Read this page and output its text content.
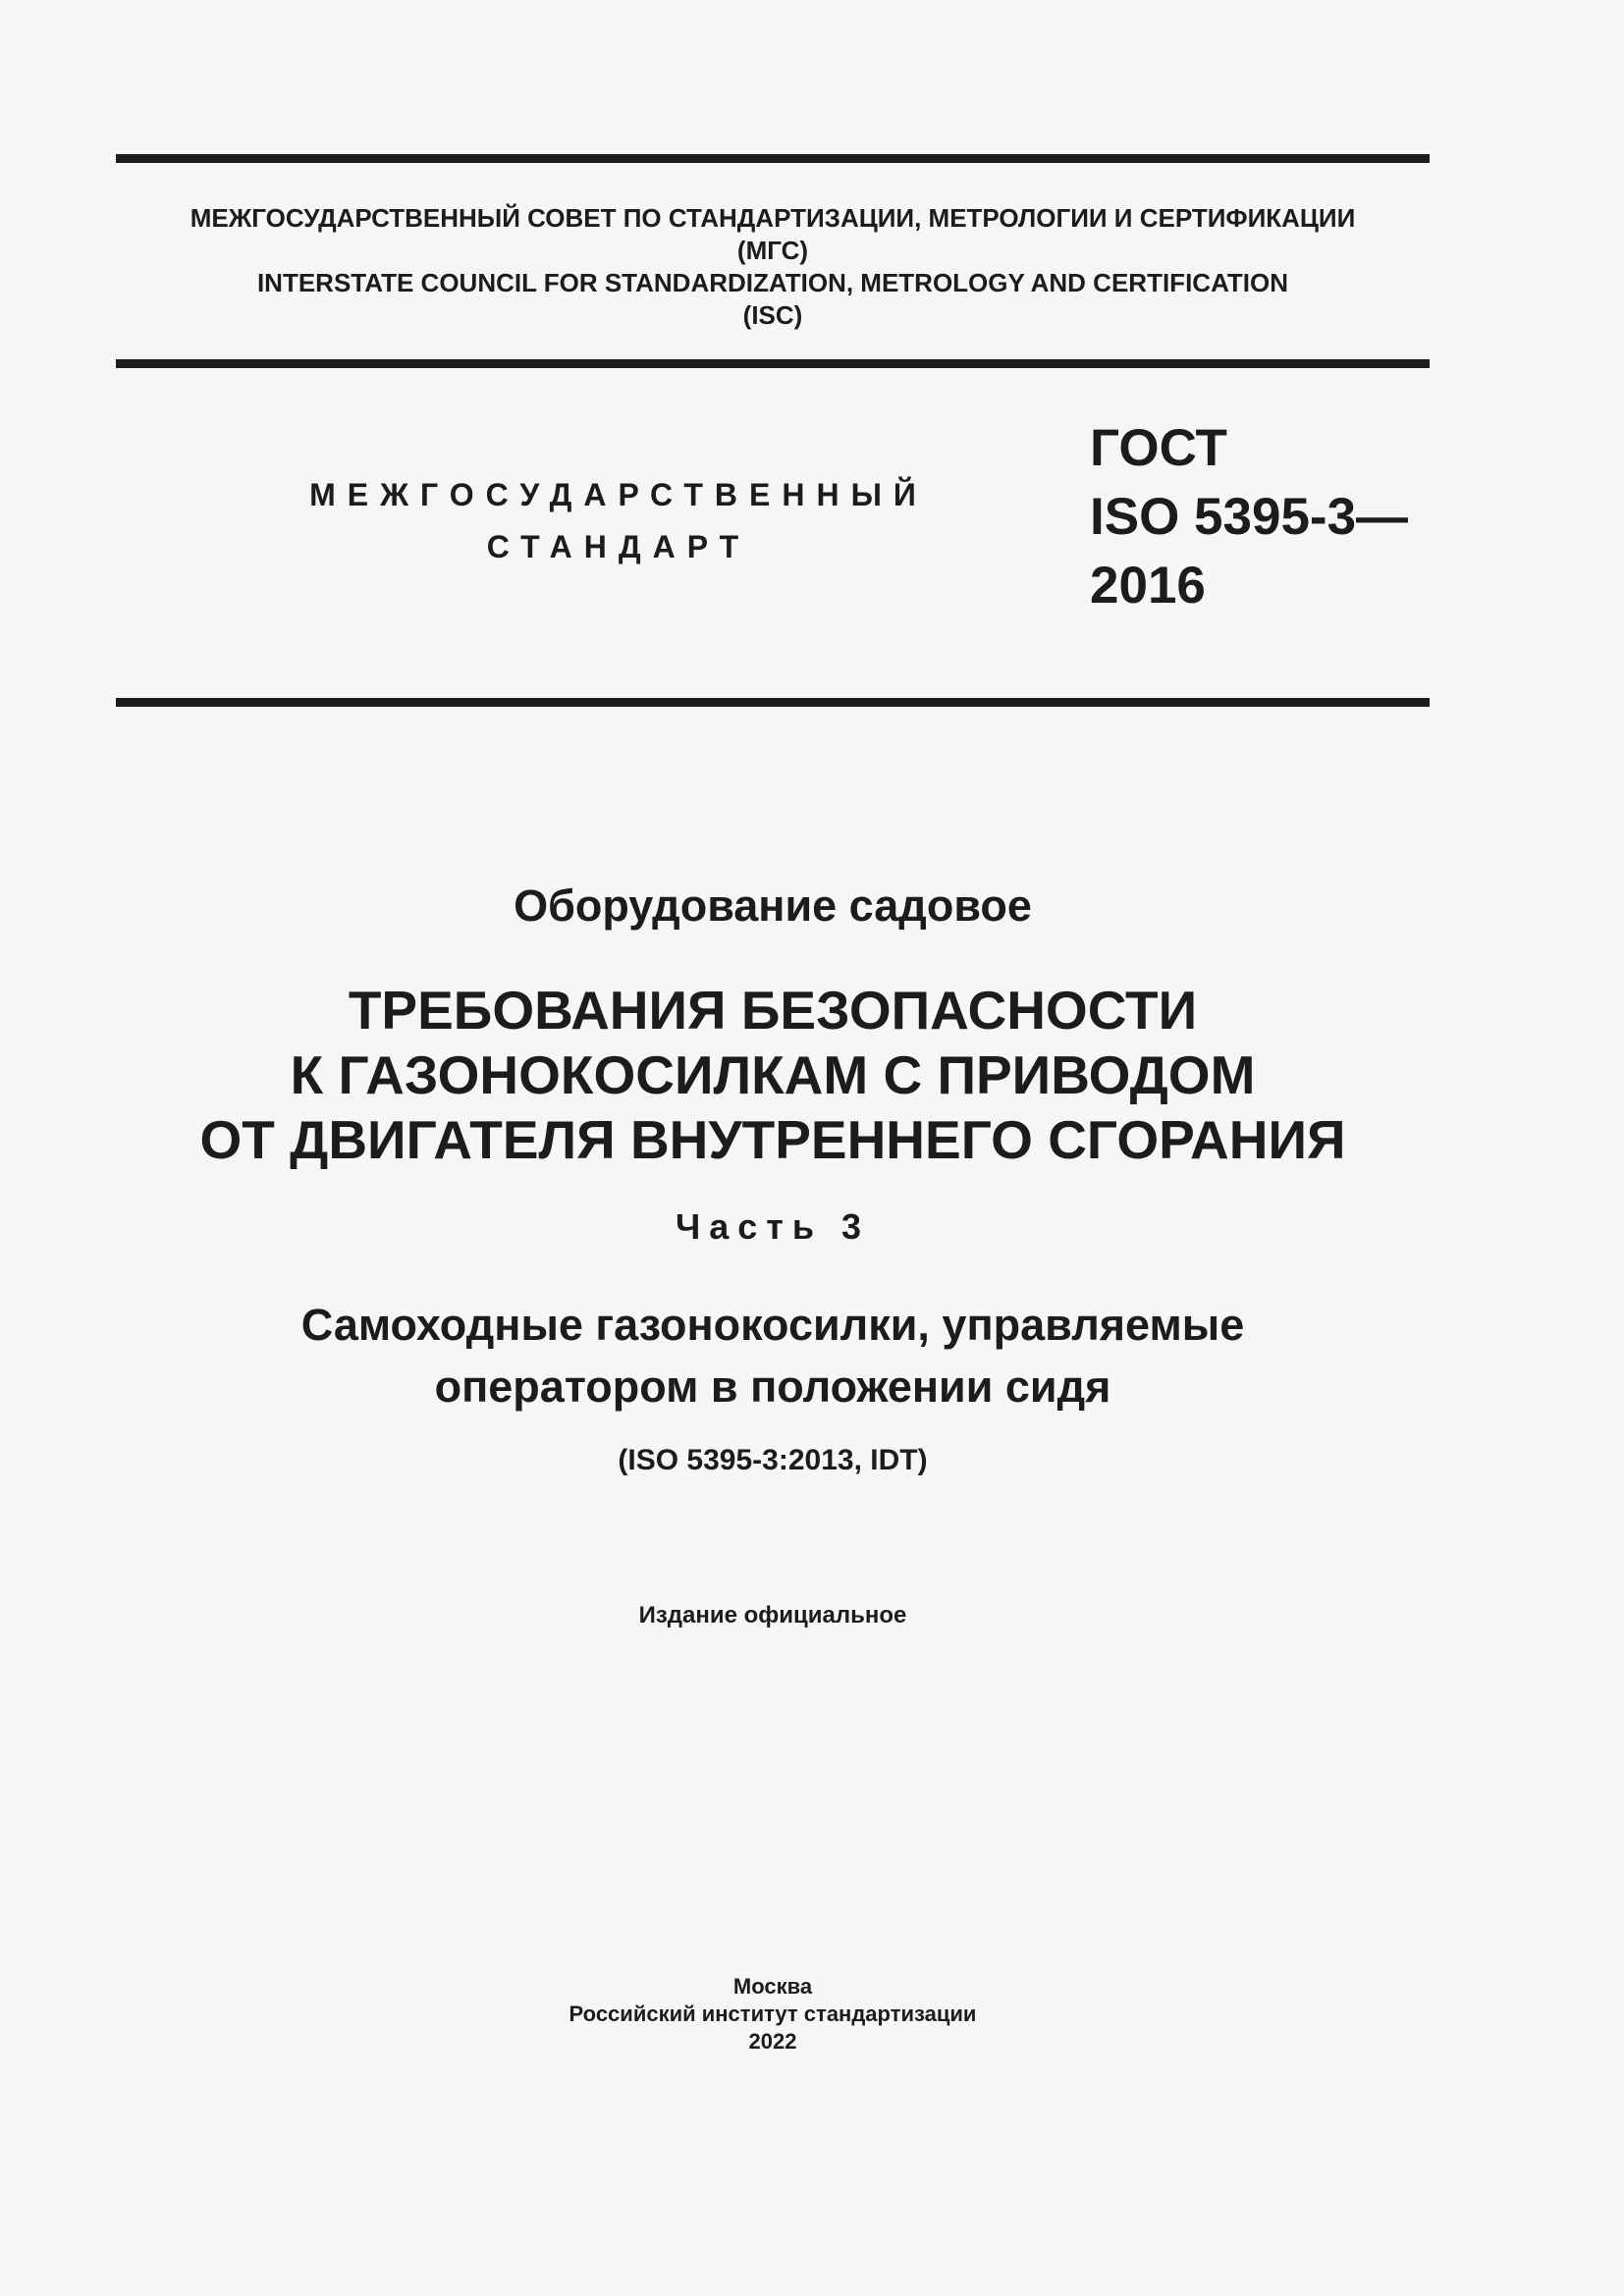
МЕЖГОСУДАРСТВЕННЫЙ СОВЕТ ПО СТАНДАРТИЗАЦИИ, МЕТРОЛОГИИ И СЕРТИФИКАЦИИ
(МГС)
INTERSTATE COUNCIL FOR STANDARDIZATION, METROLOGY AND CERTIFICATION
(ISC)
МЕЖГОСУДАРСТВЕННЫЙ
СТАНДАРТ
ГОСТ
ISO 5395-3—
2016
Оборудование садовое
ТРЕБОВАНИЯ БЕЗОПАСНОСТИ
К ГАЗОНОКОСИЛКАМ С ПРИВОДОМ
ОТ ДВИГАТЕЛЯ ВНУТРЕННЕГО СГОРАНИЯ
Часть 3
Самоходные газонокосилки, управляемые
оператором в положении сидя
(ISO 5395-3:2013, IDT)
Издание официальное
Москва
Российский институт стандартизации
2022
